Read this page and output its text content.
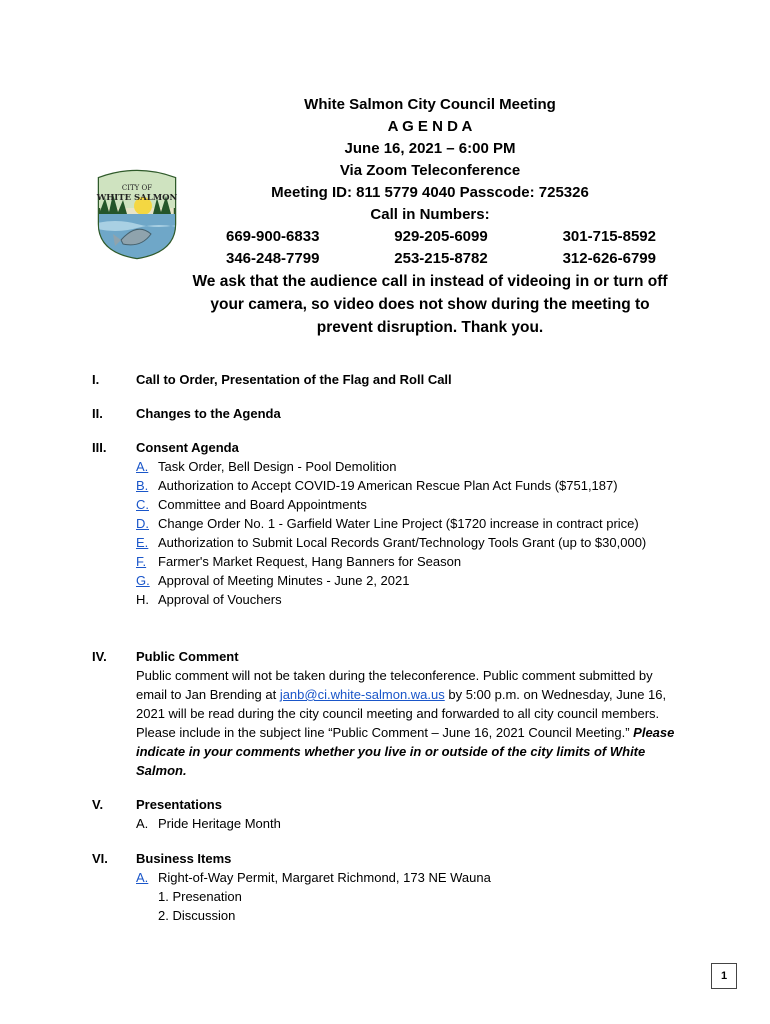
CITY OF
WHITE SALMON
White Salmon City Council Meeting
A G E N D A
June 16, 2021 – 6:00 PM
Via Zoom Teleconference
Meeting ID: 811 5779 4040 Passcode: 725326
Call in Numbers:
669-900-6833	929-205-6099	301-715-8592
346-248-7799	253-215-8782	312-626-6799
We ask that the audience call in instead of videoing in or turn off your camera, so video does not show during the meeting to prevent disruption. Thank you.
I.	Call to Order, Presentation of the Flag and Roll Call
II.	Changes to the Agenda
III.	Consent Agenda
A. Task Order, Bell Design - Pool Demolition
B. Authorization to Accept COVID-19 American Rescue Plan Act Funds ($751,187)
C. Committee and Board Appointments
D. Change Order No. 1 - Garfield Water Line Project ($1720 increase in contract price)
E. Authorization to Submit Local Records Grant/Technology Tools Grant (up to $30,000)
F. Farmer's Market Request, Hang Banners for Season
G. Approval of Meeting Minutes - June 2, 2021
H. Approval of Vouchers
IV.	Public Comment
Public comment will not be taken during the teleconference. Public comment submitted by email to Jan Brending at janb@ci.white-salmon.wa.us by 5:00 p.m. on Wednesday, June 16, 2021 will be read during the city council meeting and forwarded to all city council members. Please include in the subject line “Public Comment – June 16, 2021 Council Meeting.” Please indicate in your comments whether you live in or outside of the city limits of White Salmon.
V.	Presentations
A. Pride Heritage Month
VI.	Business Items
A. Right-of-Way Permit, Margaret Richmond, 173 NE Wauna
1. Presenation
2. Discussion
1
